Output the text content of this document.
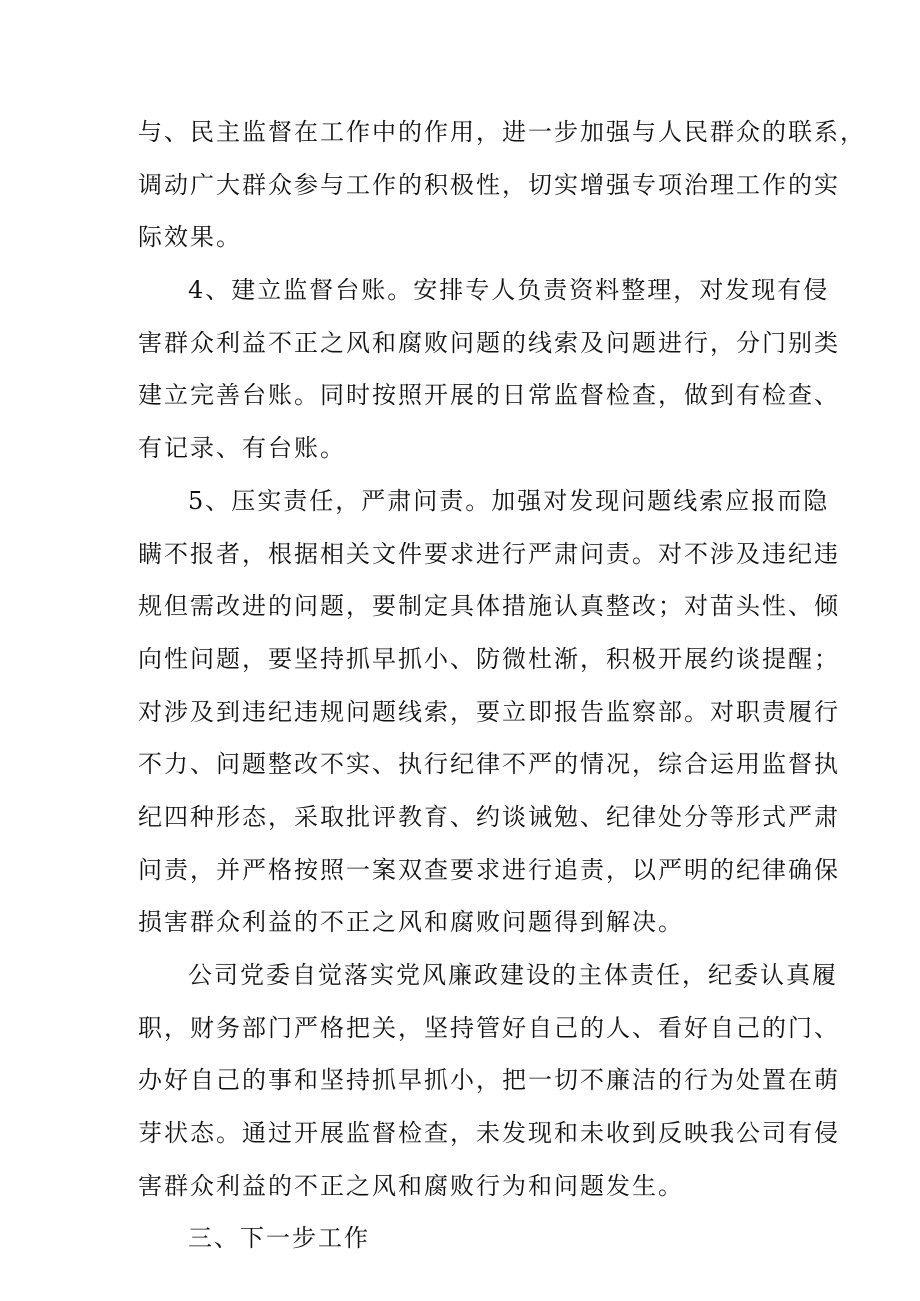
与、民主监督在工作中的作用，进一步加强与人民群众的联系，
调动广大群众参与工作的积极性，切实增强专项治理工作的实
际效果。
4、建立监督台账。安排专人负责资料整理，对发现有侵
害群众利益不正之风和腐败问题的线索及问题进行，分门别类
建立完善台账。同时按照开展的日常监督检查，做到有检查、
有记录、有台账。
5、压实责任，严肃问责。加强对发现问题线索应报而隐
瞒不报者，根据相关文件要求进行严肃问责。对不涉及违纪违
规但需改进的问题，要制定具体措施认真整改；对苗头性、倾
向性问题，要坚持抓早抓小、防微杜渐，积极开展约谈提醒；
对涉及到违纪违规问题线索，要立即报告监察部。对职责履行
不力、问题整改不实、执行纪律不严的情况，综合运用监督执
纪四种形态，采取批评教育、约谈诫勉、纪律处分等形式严肃
问责，并严格按照一案双查要求进行追责，以严明的纪律确保
损害群众利益的不正之风和腐败问题得到解决。
公司党委自觉落实党风廉政建设的主体责任，纪委认真履
职，财务部门严格把关，坚持管好自己的人、看好自己的门、
办好自己的事和坚持抓早抓小，把一切不廉洁的行为处置在萌
芽状态。通过开展监督检查，未发现和未收到反映我公司有侵
害群众利益的不正之风和腐败行为和问题发生。
三、下一步工作
